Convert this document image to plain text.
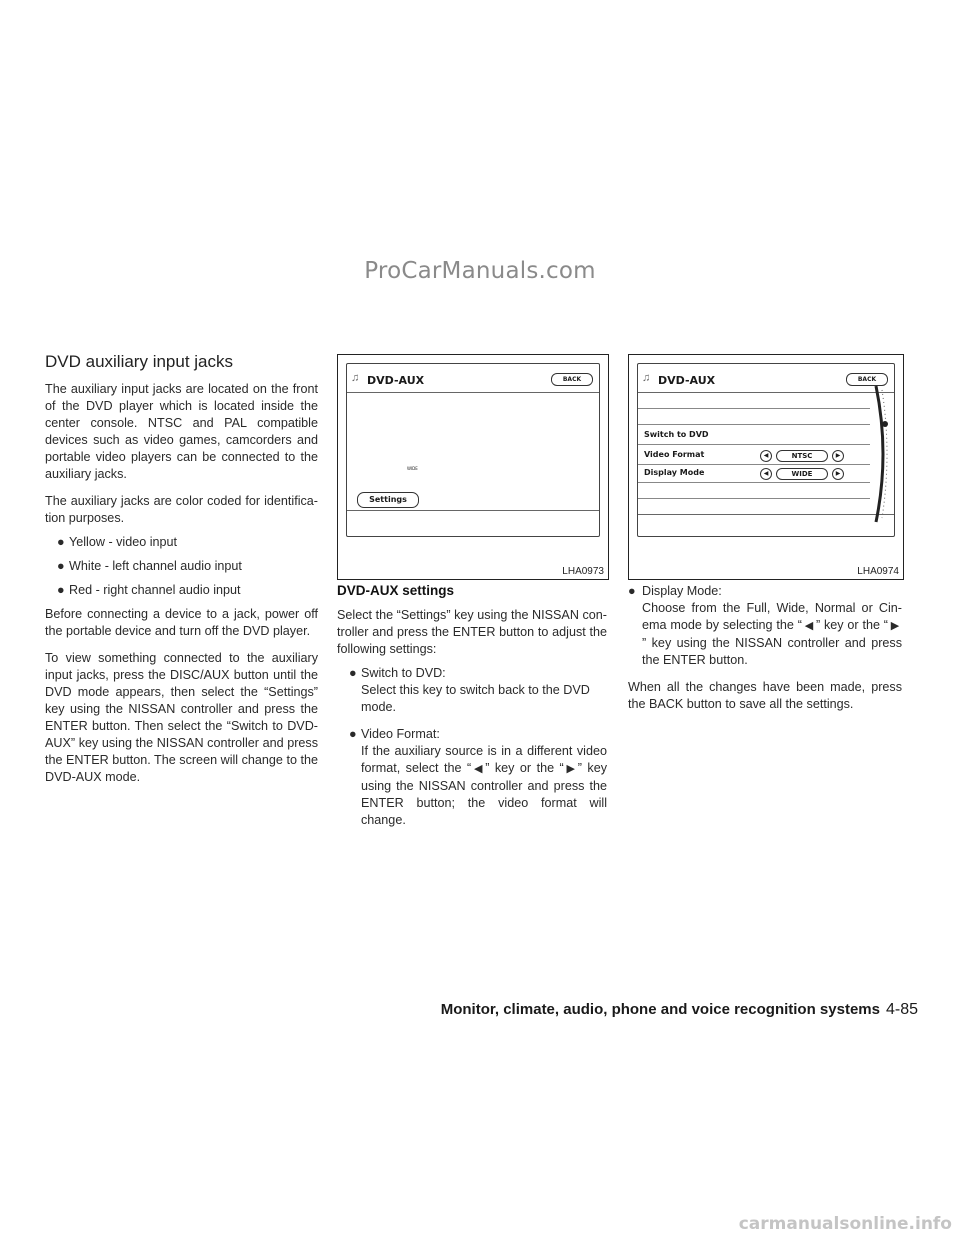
ProCarManuals.com
DVD auxiliary input jacks

The auxiliary input jacks are located on the front of the DVD player which is located inside the center console. NTSC and PAL compatible devices such as video games, camcorders and portable video players can be connected to the auxiliary jacks.

The auxiliary jacks are color coded for identifica-tion purposes.

● Yellow - video input
● White - left channel audio input
● Red - right channel audio input

Before connecting a device to a jack, power off the portable device and turn off the DVD player.

To view something connected to the auxiliary input jacks, press the DISC/AUX button until the DVD mode appears, then select the “Settings” key using the NISSAN controller and press the ENTER button. Then select the “Switch to DVD-AUX” key using the NISSAN controller and press the ENTER button. The screen will change to the DVD-AUX mode.

♫ DVD-AUX	BACK
WIDE
Settings
LHA0973
♫ DVD-AUX	BACK
Switch to DVD
Video Format	◀	NTSC	▶
Display Mode	◀	WIDE	▶
LHA0974
DVD-AUX settings

Select the “Settings” key using the NISSAN con-troller and press the ENTER button to adjust the following settings:

● Switch to DVD:
Select this key to switch back to the DVD mode.
● Video Format:
If the auxiliary source is in a different video format, select the “ ◀ ” key or the “ ▶ ” key using the NISSAN controller and press the ENTER button; the video format will change.
● Display Mode:
Choose from the Full, Wide, Normal or Cin-ema mode by selecting the “ ◀ ” key or the “ ▶” key using the NISSAN controller and press the ENTER button.

When all the changes have been made, press the BACK button to save all the settings.

Monitor, climate, audio, phone and voice recognition systems 4-85
carmanualsonline.info
